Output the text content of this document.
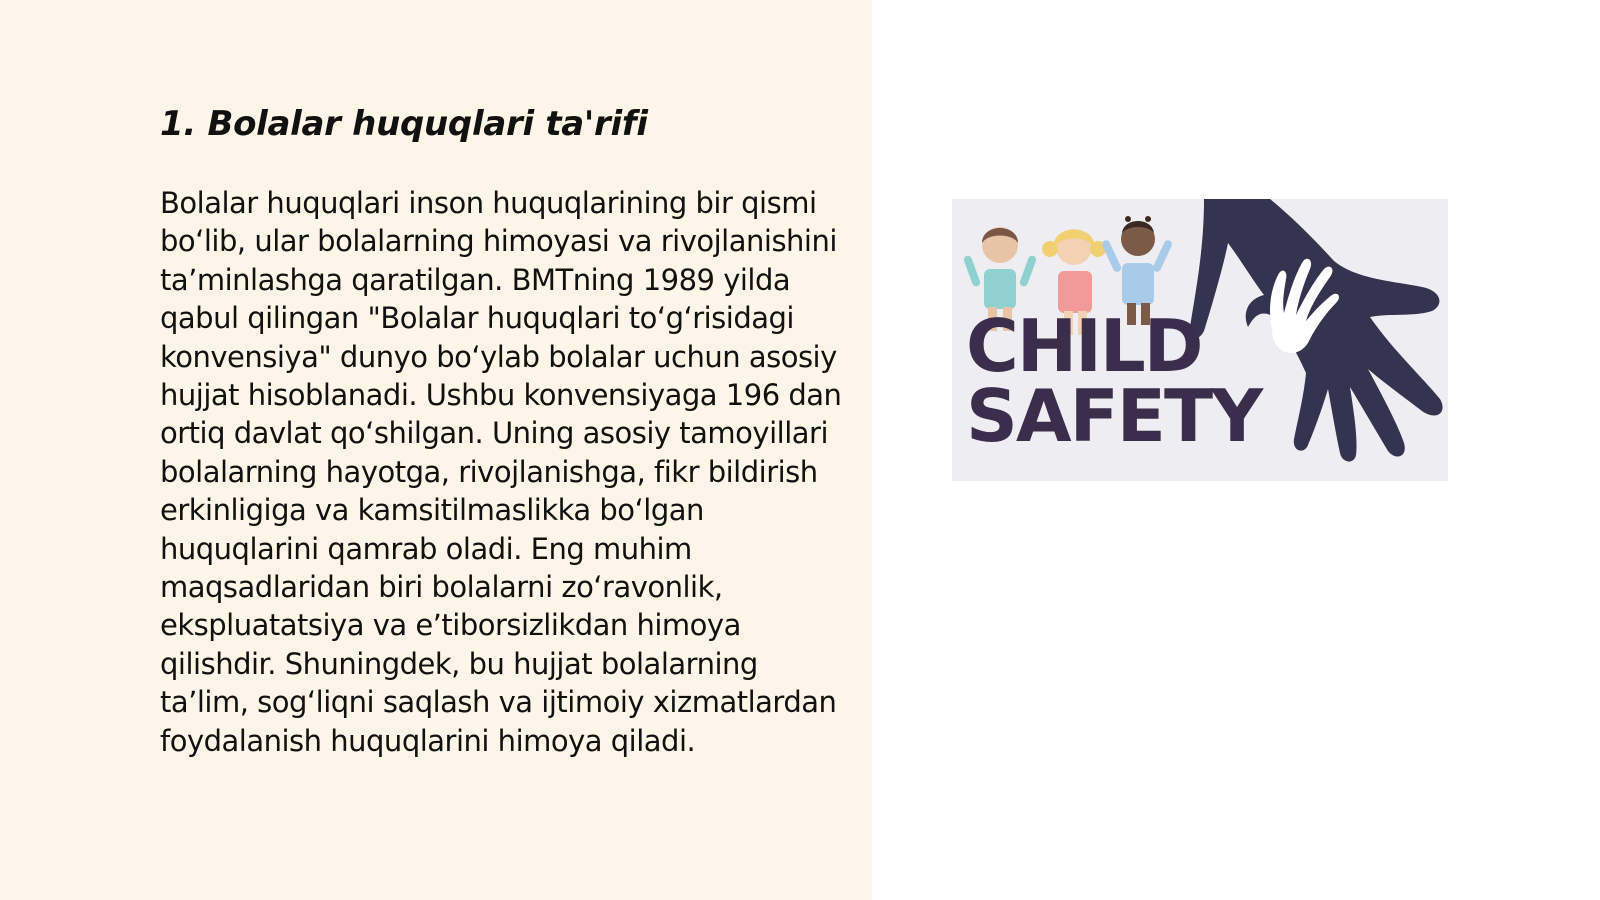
1. Bolalar huquqlari ta'rifi

Bolalar huquqlari inson huquqlarining bir qismi bo‘lib, ular bolalarning himoyasi va rivojlanishini ta’minlashga qaratilgan. BMTning 1989 yilda qabul qilingan "Bolalar huquqlari to‘g‘risidagi konvensiya" dunyo bo‘ylab bolalar uchun asosiy hujjat hisoblanadi. Ushbu konvensiyaga 196 dan ortiq davlat qo‘shilgan. Uning asosiy tamoyillari bolalarning hayotga, rivojlanishga, fikr bildirish erkinligiga va kamsitilmaslikka bo‘lgan huquqlarini qamrab oladi. Eng muhim maqsadlaridan biri bolalarni zo‘ravonlik, ekspluatatsiya va e’tiborsizlikdan himoya qilishdir. Shuningdek, bu hujjat bolalarning ta’lim, sog‘liqni saqlash va ijtimoiy xizmatlardan foydalanish huquqlarini himoya qiladi.

CHILD
SAFETY
